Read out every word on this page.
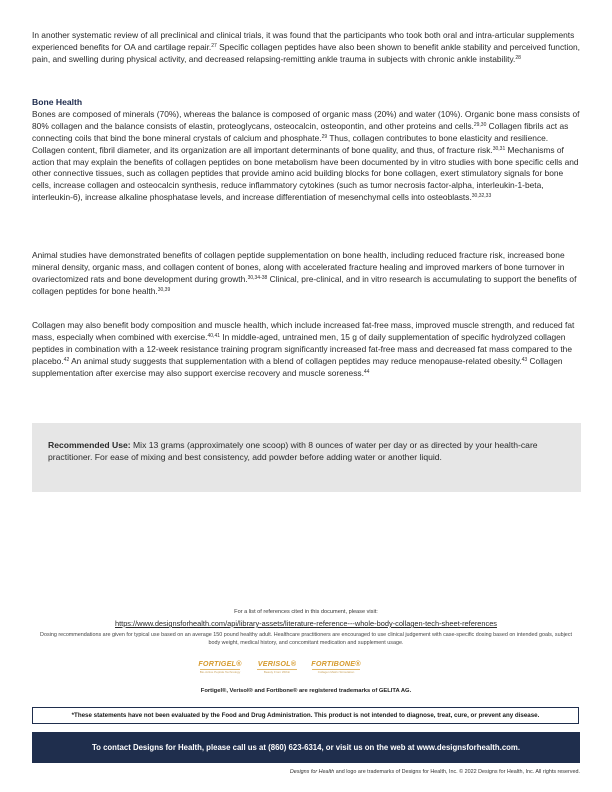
In another systematic review of all preclinical and clinical trials, it was found that the participants who took both oral and intra-articular supplements experienced benefits for OA and cartilage repair.$^{27}$ Specific collagen peptides have also been shown to benefit ankle stability and perceived function, pain, and swelling during physical activity, and decreased relapsing-remitting ankle trauma in subjects with chronic ankle instability.$^{28}$

Bone Health

Bones are composed of minerals (70%), whereas the balance is composed of organic mass (20%) and water (10%). Organic bone mass consists of 80% collagen and the balance consists of elastin, proteoglycans, osteocalcin, osteopontin, and other proteins and cells.$^{29,30}$ Collagen fibrils act as connecting coils that bind the bone mineral crystals of calcium and phosphate.$^{29}$ Thus, collagen contributes to bone elasticity and resilience. Collagen content, fibril diameter, and its organization are all important determinants of bone quality, and thus, of fracture risk.$^{30,31}$ Mechanisms of action that may explain the benefits of collagen peptides on bone metabolism have been documented by in vitro studies with bone specific cells and other connective tissues, such as collagen peptides that provide amino acid building blocks for bone collagen, exert stimulatory signals for bone cells, increase collagen and osteocalcin synthesis, reduce inflammatory cytokines (such as tumor necrosis factor-alpha, interleukin-1-beta, interleukin-6), increase alkaline phosphatase levels, and increase differentiation of mesenchymal cells into osteoblasts.$^{30,32,33}$

Animal studies have demonstrated benefits of collagen peptide supplementation on bone health, including reduced fracture risk, increased bone mineral density, organic mass, and collagen content of bones, along with accelerated fracture healing and improved markers of bone turnover in ovariectomized rats and bone development during growth.$^{30,34-38}$ Clinical, pre-clinical, and in vitro research is accumulating to support the benefits of collagen peptides for bone health.$^{30,39}$

Collagen may also benefit body composition and muscle health, which include increased fat-free mass, improved muscle strength, and reduced fat mass, especially when combined with exercise.$^{40,41}$ In middle-aged, untrained men, 15 g of daily supplementation of specific hydrolyzed collagen peptides in combination with a 12-week resistance training program significantly increased fat-free mass and decreased fat mass compared to the placebo.$^{42}$ An animal study suggests that supplementation with a blend of collagen peptides may reduce menopause-related obesity.$^{43}$ Collagen supplementation after exercise may also support exercise recovery and muscle soreness.$^{44}$

Recommended Use: Mix 13 grams (approximately one scoop) with 8 ounces of water per day or as directed by your health-care practitioner. For ease of mixing and best consistency, add powder before adding water or another liquid.
For a list of references cited in this document, please visit:
https://www.designsforhealth.com/api/library-assets/literature-reference---whole-body-collagen-tech-sheet-references
Dosing recommendations are given for typical use based on an average 150 pound healthy adult. Healthcare practitioners are encouraged to use clinical judgement with case-specific dosing based on intended goals, subject body weight, medical history, and concomitant medication and supplement usage.
FORTIGEL®
Bio-Active Peptide Technology
VERISOL®
Beauty From Within
FORTIBONE®
Collagen Matrix Stimulation
Fortigel®, Verisol® and Fortibone® are registered trademarks of GELITA AG.
*These statements have not been evaluated by the Food and Drug Administration. This product is not intended to diagnose, treat, cure, or prevent any disease.
To contact Designs for Health, please call us at (860) 623-6314, or visit us on the web at www.designsforhealth.com.
Designs for Health and logo are trademarks of Designs for Health, Inc. © 2022 Designs for Health, Inc. All rights reserved.
